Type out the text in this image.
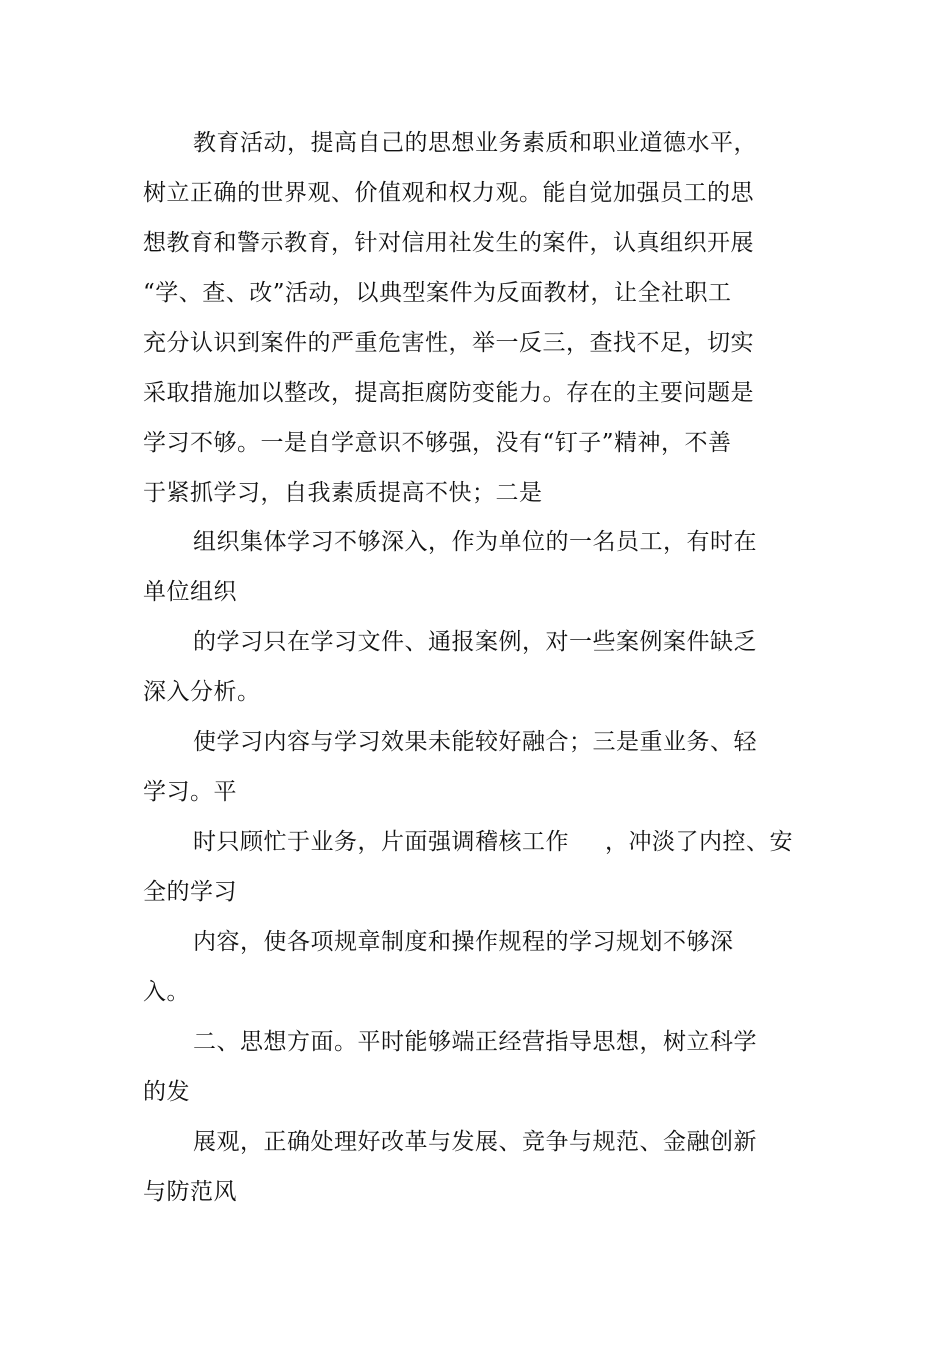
教育活动，提高自己的思想业务素质和职业道德水平，
树立正确的世界观、价值观和权力观。能自觉加强员工的思
想教育和警示教育，针对信用社发生的案件，认真组织开展
“学、查、改”活动，以典型案件为反面教材，让全社职工
充分认识到案件的严重危害性，举一反三，查找不足，切实
采取措施加以整改，提高拒腐防变能力。存在的主要问题是
学习不够。一是自学意识不够强，没有“钉子”精神，不善
于紧抓学习，自我素质提高不快；二是
组织集体学习不够深入，作为单位的一名员工，有时在
单位组织
的学习只在学习文件、通报案例，对一些案例案件缺乏
深入分析。
使学习内容与学习效果未能较好融合；三是重业务、轻
学习。平
时只顾忙于业务，片面强调稽核工作 ，冲淡了内控、安
全的学习
内容，使各项规章制度和操作规程的学习规划不够深
入。
二、思想方面。平时能够端正经营指导思想，树立科学
的发
展观，正确处理好改革与发展、竞争与规范、金融创新
与防范风
